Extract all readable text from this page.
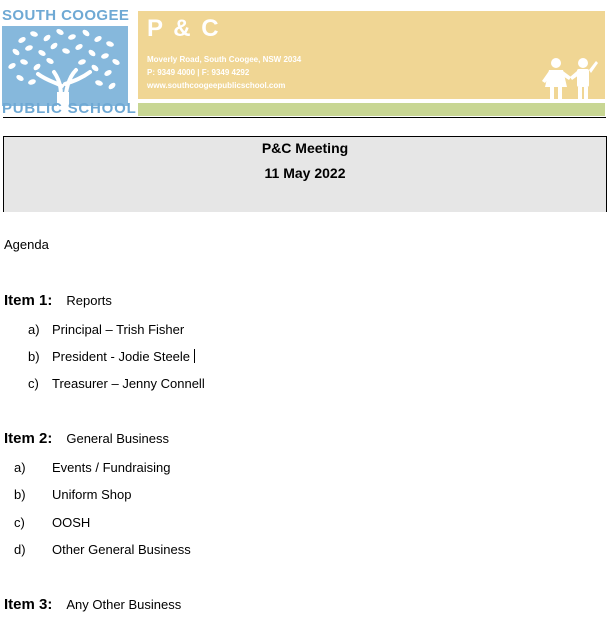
SOUTH COOGEE
PUBLIC SCHOOL
P & C
Moverly Road, South Coogee, NSW 2034
P: 9349 4000 | F: 9349 4292
www.southcoogeepublicschool.com
P&C Meeting
11 May 2022
Agenda
Item 1: Reports
a) Principal – Trish Fisher
b) President - Jodie Steele
c) Treasurer – Jenny Connell
Item 2: General Business
a) Events / Fundraising
b) Uniform Shop
c) OOSH
d) Other General Business
Item 3: Any Other Business
